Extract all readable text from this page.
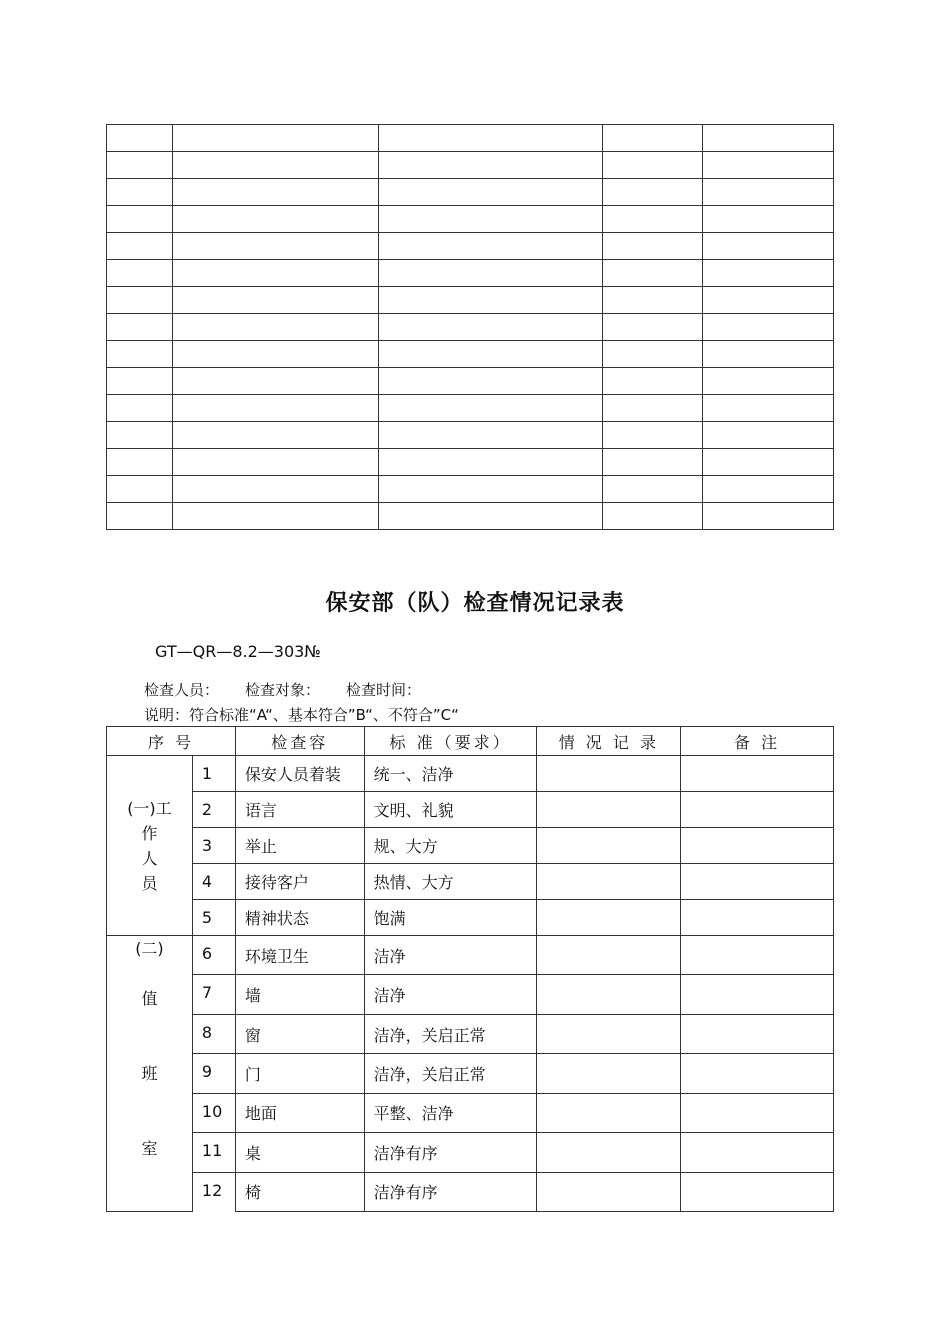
保安部（队）检查情况记录表
GT—QR—8.2—303№
检查人员： 检查对象： 检查时间：
说明：符合标准“A“、基本符合”B“、不符合”C“
序 号		检查容	标 准（要求）	情 况 记 录	备 注

(一)工
作
人
员	1	保安人员着装	统一、洁净		
	2	语言	文明、礼貌		
	3	举止	规、大方		
	4	接待客户	热情、大方		
	5	精神状态	饱满		

(二)
值
班
室	6	环境卫生	洁净		
	7	墙	洁净		
	8	窗	洁净，关启正常		
	9	门	洁净，关启正常		
	10	地面	平整、洁净		
	11	桌	洁净有序		
	12	椅	洁净有序		
